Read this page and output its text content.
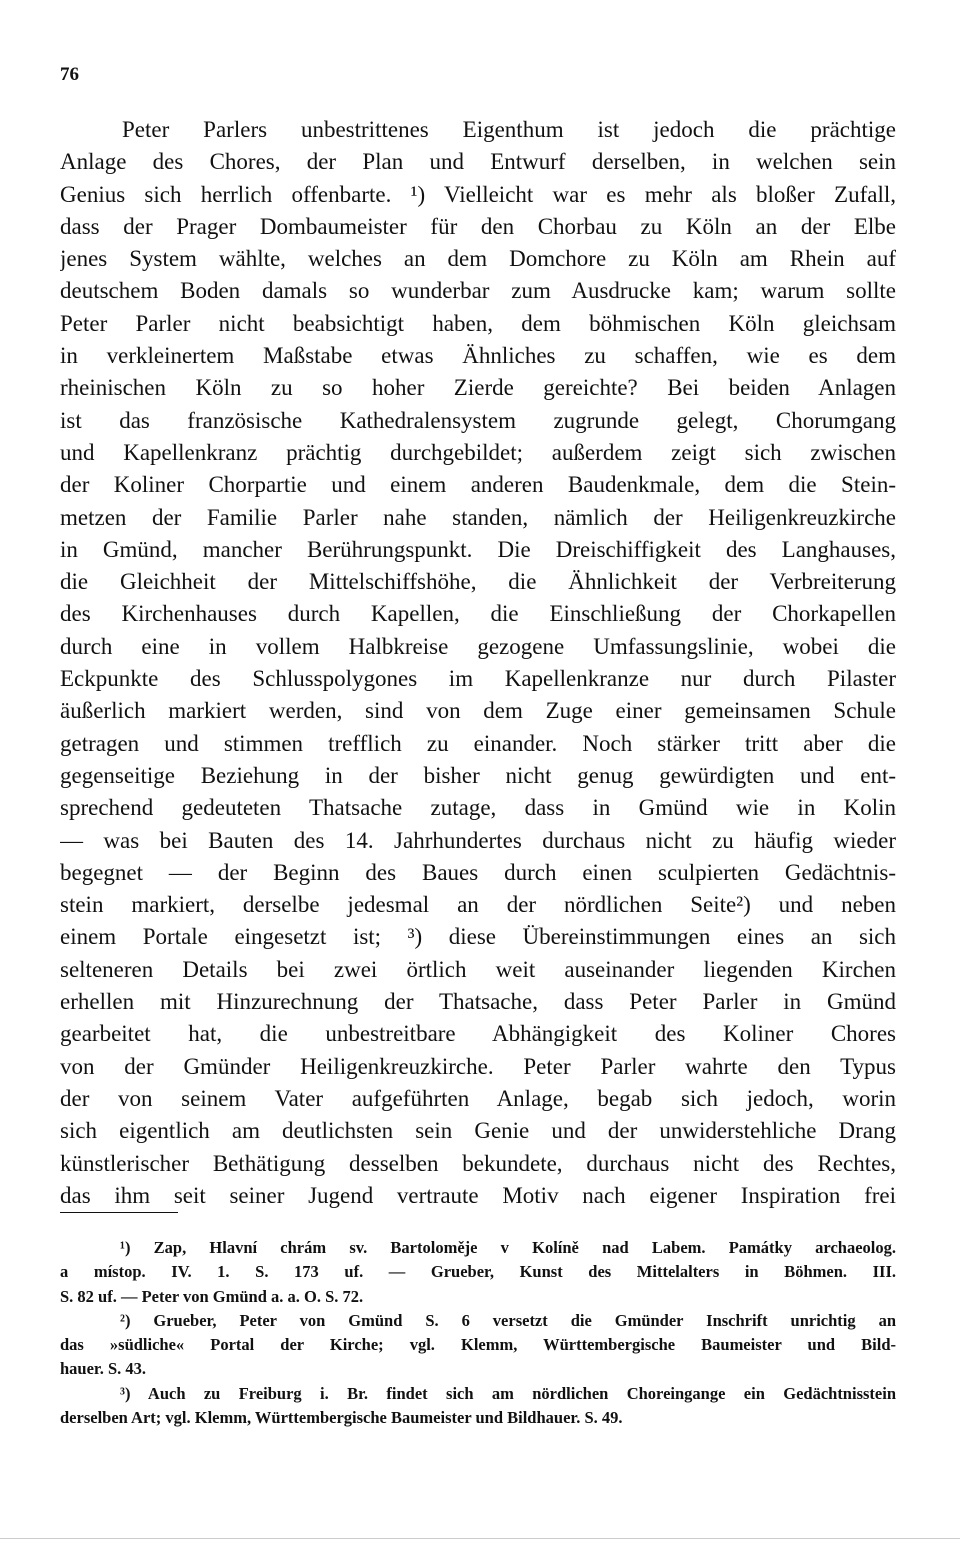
76
Peter Parlers unbestrittenes Eigenthum ist jedoch die prächtige
Anlage des Chores, der Plan und Entwurf derselben, in welchen sein
Genius sich herrlich offenbarte. ¹) Vielleicht war es mehr als bloßer Zufall,
dass der Prager Dombaumeister für den Chorbau zu Köln an der Elbe
jenes System wählte, welches an dem Domchore zu Köln am Rhein auf
deutschem Boden damals so wunderbar zum Ausdrucke kam; warum sollte
Peter Parler nicht beabsichtigt haben, dem böhmischen Köln gleichsam
in verkleinertem Maßstabe etwas Ähnliches zu schaffen, wie es dem
rheinischen Köln zu so hoher Zierde gereichte? Bei beiden Anlagen
ist das französische Kathedralensystem zugrunde gelegt, Chorumgang
und Kapellenkranz prächtig durchgebildet; außerdem zeigt sich zwischen
der Koliner Chorpartie und einem anderen Baudenkmale, dem die Stein-
metzen der Familie Parler nahe standen, nämlich der Heiligenkreuzkirche
in Gmünd, mancher Berührungspunkt. Die Dreischiffigkeit des Langhauses,
die Gleichheit der Mittelschiffshöhe, die Ähnlichkeit der Verbreiterung
des Kirchenhauses durch Kapellen, die Einschließung der Chorkapellen
durch eine in vollem Halbkreise gezogene Umfassungslinie, wobei die
Eckpunkte des Schlusspolygones im Kapellenkranze nur durch Pilaster
äußerlich markiert werden, sind von dem Zuge einer gemeinsamen Schule
getragen und stimmen trefflich zu einander. Noch stärker tritt aber die
gegenseitige Beziehung in der bisher nicht genug gewürdigten und ent-
sprechend gedeuteten Thatsache zutage, dass in Gmünd wie in Kolin
— was bei Bauten des 14. Jahrhundertes durchaus nicht zu häufig wieder
begegnet — der Beginn des Baues durch einen sculpierten Gedächtnis-
stein markiert, derselbe jedesmal an der nördlichen Seite²) und neben
einem Portale eingesetzt ist; ³) diese Übereinstimmungen eines an sich
selteneren Details bei zwei örtlich weit auseinander liegenden Kirchen
erhellen mit Hinzurechnung der Thatsache, dass Peter Parler in Gmünd
gearbeitet hat, die unbestreitbare Abhängigkeit des Koliner Chores
von der Gmünder Heiligenkreuzkirche. Peter Parler wahrte den Typus
der von seinem Vater aufgeführten Anlage, begab sich jedoch, worin
sich eigentlich am deutlichsten sein Genie und der unwiderstehliche Drang
künstlerischer Bethätigung desselben bekundete, durchaus nicht des Rechtes,
das ihm seit seiner Jugend vertraute Motiv nach eigener Inspiration frei
¹) Zap, Hlavní chrám sv. Bartoloměje v Kolíně nad Labem. Památky archaeolog.
a místop. IV. 1. S. 173 uf. — Grueber, Kunst des Mittelalters in Böhmen. III.
S. 82 uf. — Peter von Gmünd a. a. O. S. 72.
²) Grueber, Peter von Gmünd S. 6 versetzt die Gmünder Inschrift unrichtig an
das »südliche« Portal der Kirche; vgl. Klemm, Württembergische Baumeister und Bild-
hauer. S. 43.
³) Auch zu Freiburg i. Br. findet sich am nördlichen Choreingange ein Gedächtnisstein
derselben Art; vgl. Klemm, Württembergische Baumeister und Bildhauer. S. 49.
